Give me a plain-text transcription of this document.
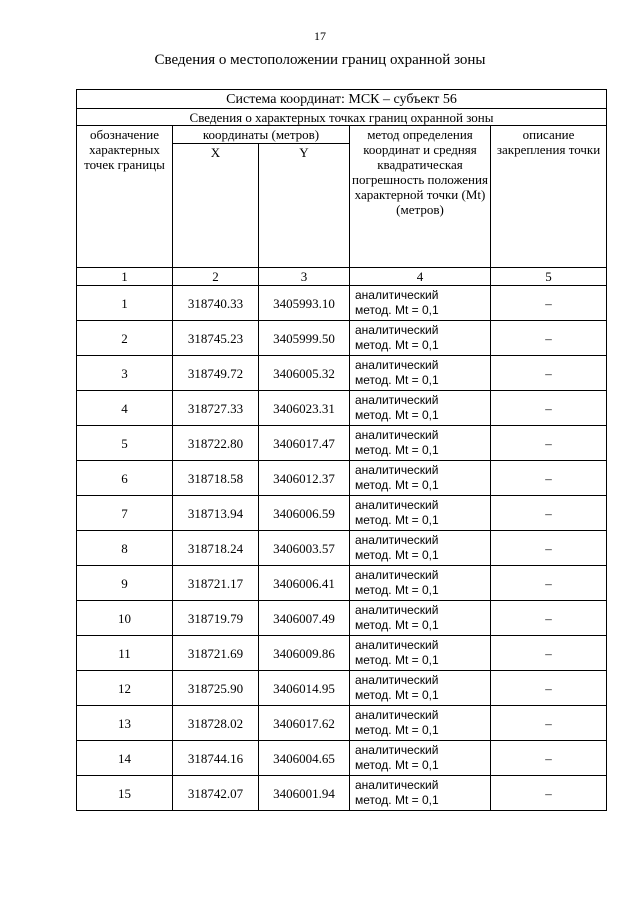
17
Сведения о местоположении границ охранной зоны
Система координат: МСК – субъект 56				
Сведения о характерных точках границ охранной зоны				
обозначение характерных точек границы	координаты (метров)		метод определения координат и средняя квадратическая погрешность положения характерной точки (Mt) (метров)	описание закрепления точки
	X	Y		
1	2	3	4	5
1	318740.33	3405993.10	аналитический
метод. Mt = 0,1	–
2	318745.23	3405999.50	аналитический
метод. Mt = 0,1	–
3	318749.72	3406005.32	аналитический
метод. Mt = 0,1	–
4	318727.33	3406023.31	аналитический
метод. Mt = 0,1	–
5	318722.80	3406017.47	аналитический
метод. Mt = 0,1	–
6	318718.58	3406012.37	аналитический
метод. Mt = 0,1	–
7	318713.94	3406006.59	аналитический
метод. Mt = 0,1	–
8	318718.24	3406003.57	аналитический
метод. Mt = 0,1	–
9	318721.17	3406006.41	аналитический
метод. Mt = 0,1	–
10	318719.79	3406007.49	аналитический
метод. Mt = 0,1	–
11	318721.69	3406009.86	аналитический
метод. Mt = 0,1	–
12	318725.90	3406014.95	аналитический
метод. Mt = 0,1	–
13	318728.02	3406017.62	аналитический
метод. Mt = 0,1	–
14	318744.16	3406004.65	аналитический
метод. Mt = 0,1	–
15	318742.07	3406001.94	аналитический
метод. Mt = 0,1	–
